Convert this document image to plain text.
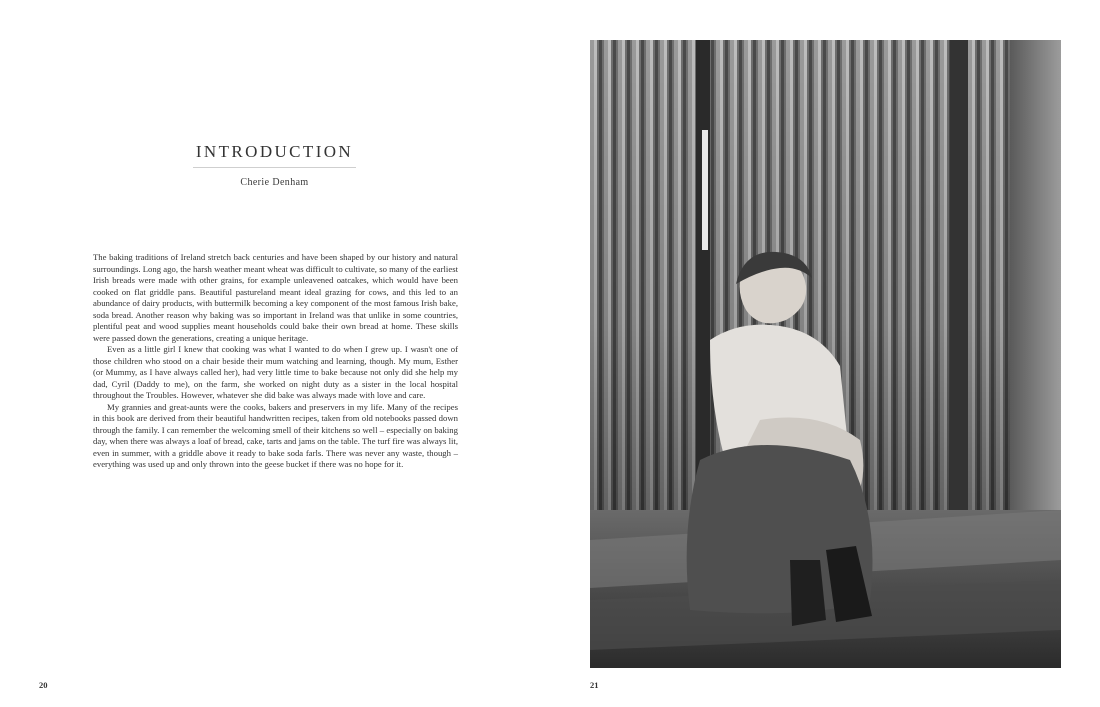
INTRODUCTION
Cherie Denham

The baking traditions of Ireland stretch back centuries and have been shaped by our history and natural surroundings. Long ago, the harsh weather meant wheat was difficult to cultivate, so many of the earliest Irish breads were made with other grains, for example unleavened oatcakes, which would have been cooked on flat griddle pans. Beautiful pastureland meant ideal grazing for cows, and this led to an abundance of dairy products, with buttermilk becoming a key component of the most famous Irish bake, soda bread. Another reason why baking was so important in Ireland was that unlike in some countries, plentiful peat and wood supplies meant households could bake their own bread at home. These skills were passed down the generations, creating a unique heritage.

Even as a little girl I knew that cooking was what I wanted to do when I grew up. I wasn't one of those children who stood on a chair beside their mum watching and learning, though. My mum, Esther (or Mummy, as I have always called her), had very little time to bake because not only did she help my dad, Cyril (Daddy to me), on the farm, she worked on night duty as a sister in the local hospital throughout the Troubles. However, whatever she did bake was always made with love and care.

My grannies and great-aunts were the cooks, bakers and preservers in my life. Many of the recipes in this book are derived from their beautiful handwritten recipes, taken from old notebooks passed down through the family. I can remember the welcoming smell of their kitchens so well – especially on baking day, when there was always a loaf of bread, cake, tarts and jams on the table. The turf fire was always lit, even in summer, with a griddle above it ready to bake soda farls. There was never any waste, though – everything was used up and only thrown into the geese bucket if there was no hope for it.

20	21
